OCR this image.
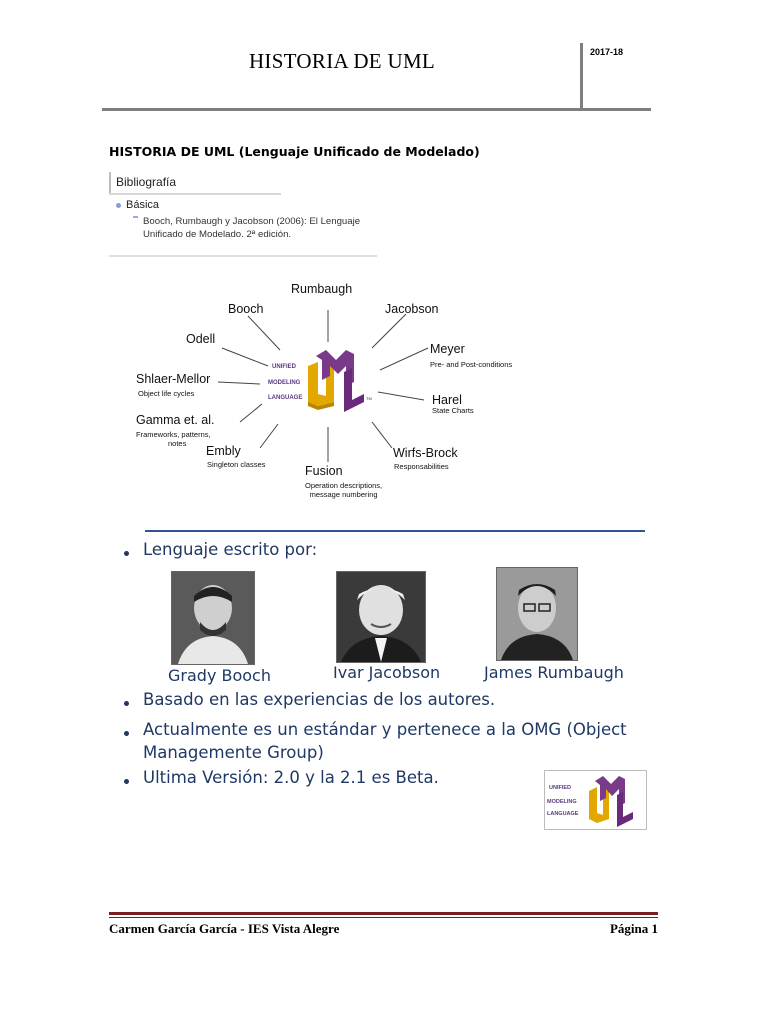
HISTORIA DE UML	2017-18
HISTORIA DE UML (Lenguaje Unificado de Modelado)
Bibliografía
Básica
Booch, Rumbaugh y Jacobson (2006): El Lenguaje
Unificado de Modelado. 2ª edición.
UNIFIED
MODELING
LANGUAGE	TM
Rumbaugh
Booch	Jacobson
Odell
Meyer
Pre- and Post-conditions
Shlaer-Mellor
Object life cycles	Harel
State Charts
Gamma et. al.
Frameworks, patterns,
notes
Embly
Singleton classes
Wirfs-Brock
Responsabilities
Fusion
Operation descriptions,
message numbering
Lenguaje escrito por:
Grady Booch	Ivar Jacobson	James Rumbaugh
Basado en las experiencias de los autores.
Actualmente es un estándar y pertenece a la OMG (Object
Managemente Group)
Ultima Versión: 2.0 y la 2.1 es Beta.
UNIFIED
MODELING
LANGUAGE
Carmen García García - IES Vista Alegre	Página 1
